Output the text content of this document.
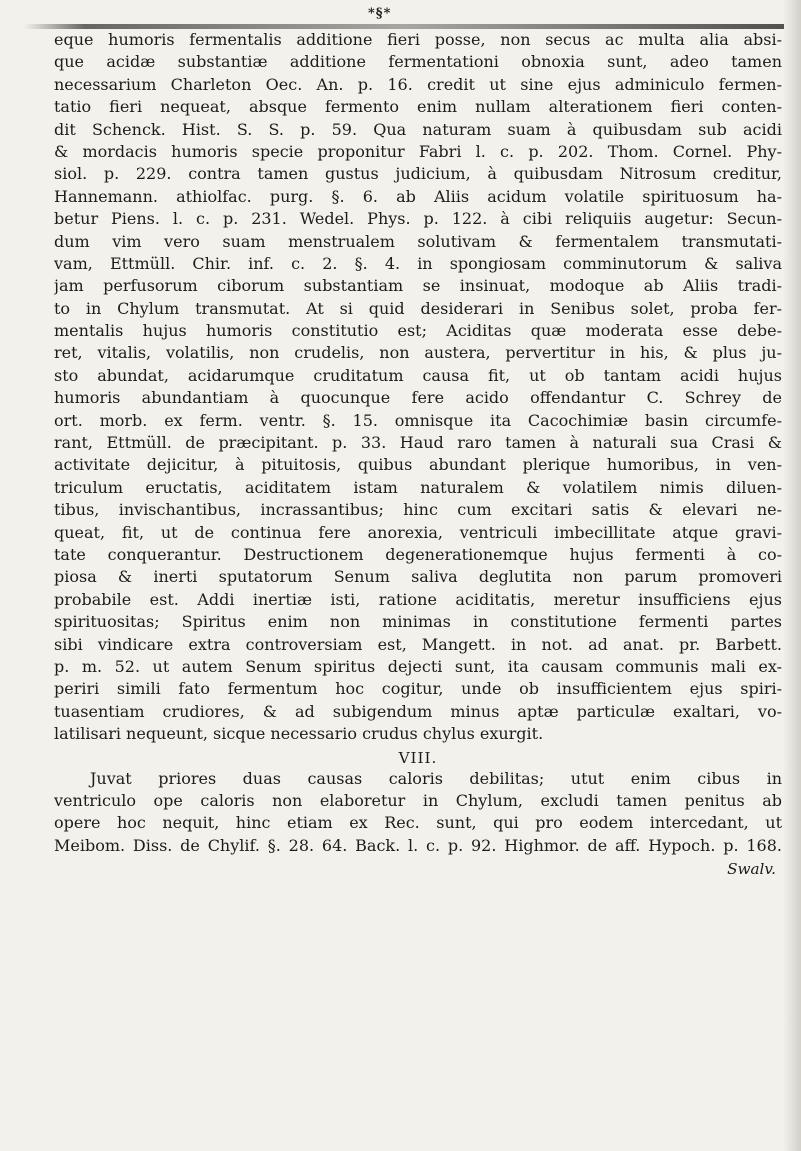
*§*
eque humoris fermentalis additione fieri posse, non secus ac multa alia absi-
que acidæ substantiæ additione fermentationi obnoxia sunt, adeo tamen
necessarium Charleton Oec. An. p. 16. credit ut sine ejus adminiculo fermen-
tatio fieri nequeat, absque fermento enim nullam alterationem fieri conten-
dit Schenck. Hist. S. S. p. 59. Qua naturam suam à quibusdam sub acidi
& mordacis humoris specie proponitur Fabri l. c. p. 202. Thom. Cornel. Phy-
siol. p. 229. contra tamen gustus judicium, à quibusdam Nitrosum creditur,
Hannemann. athiolfac. purg. §. 6. ab Aliis acidum volatile spirituosum ha-
betur Piens. l. c. p. 231. Wedel. Phys. p. 122. à cibi reliquiis augetur: Secun-
dum vim vero suam menstrualem solutivam & fermentalem transmutati-
vam, Ettmüll. Chir. inf. c. 2. §. 4. in spongiosam comminutorum & saliva
jam perfusorum ciborum substantiam se insinuat, modoque ab Aliis tradi-
to in Chylum transmutat. At si quid desiderari in Senibus solet, proba fer-
mentalis hujus humoris constitutio est; Aciditas quæ moderata esse debe-
ret, vitalis, volatilis, non crudelis, non austera, pervertitur in his, & plus ju-
sto abundat, acidarumque cruditatum causa fit, ut ob tantam acidi hujus
humoris abundantiam à quocunque fere acido offendantur C. Schrey de
ort. morb. ex ferm. ventr. §. 15. omnisque ita Cacochimiæ basin circumfe-
rant, Ettmüll. de præcipitant. p. 33. Haud raro tamen à naturali sua Crasi &
activitate dejicitur, à pituitosis, quibus abundant plerique humoribus, in ven-
triculum eructatis, aciditatem istam naturalem & volatilem nimis diluen-
tibus, invischantibus, incrassantibus; hinc cum excitari satis & elevari ne-
queat, fit, ut de continua fere anorexia, ventriculi imbecillitate atque gravi-
tate conquerantur. Destructionem degenerationemque hujus fermenti à co-
piosa & inerti sputatorum Senum saliva deglutita non parum promoveri
probabile est. Addi inertiæ isti, ratione aciditatis, meretur insufficiens ejus
spirituositas; Spiritus enim non minimas in constitutione fermenti partes
sibi vindicare extra controversiam est, Mangett. in not. ad anat. pr. Barbett.
p. m. 52. ut autem Senum spiritus dejecti sunt, ita causam communis mali ex-
periri simili fato fermentum hoc cogitur, unde ob insufficientem ejus spiri-
tuasentiam crudiores, & ad subigendum minus aptæ particulæ exaltari, vo-
latilisari nequeunt, sicque necessario crudus chylus exurgit.
VIII.
Juvat priores duas causas caloris debilitas; utut enim cibus in
ventriculo ope caloris non elaboretur in Chylum, excludi tamen penitus ab
opere hoc nequit, hinc etiam ex Rec. sunt, qui pro eodem intercedant, ut
Meibom. Diss. de Chylif. §. 28. 64. Back. l. c. p. 92. Highmor. de aff. Hypoch. p. 168.
Swalv.
